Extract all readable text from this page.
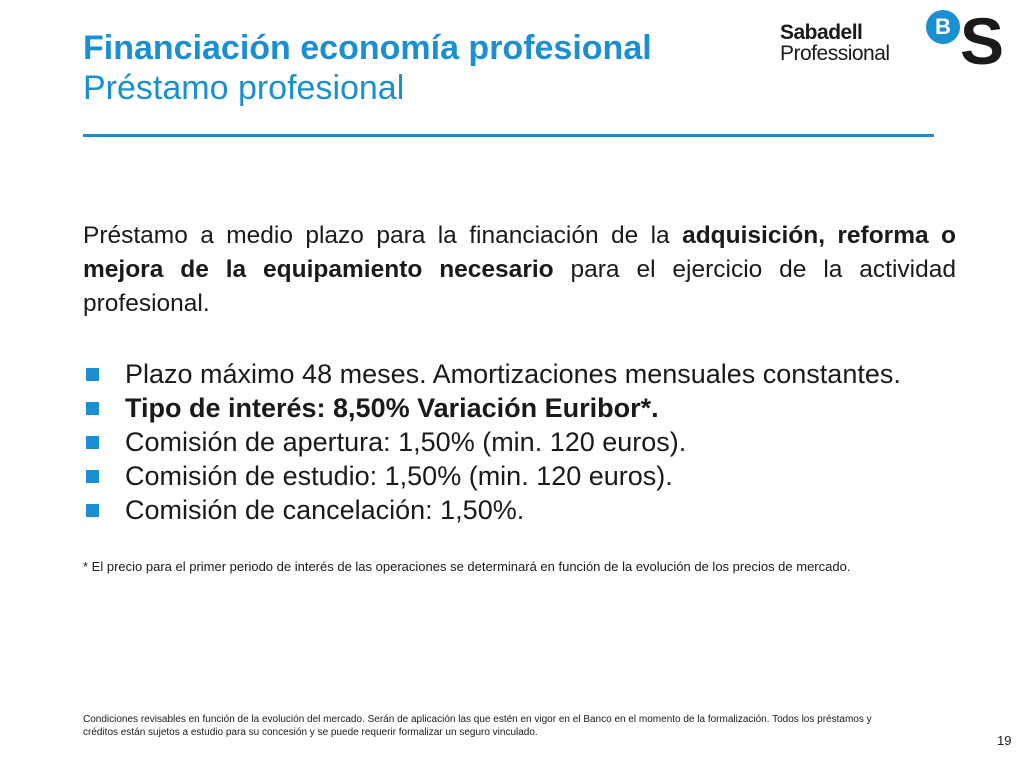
Financiación economía profesional
Préstamo profesional
Sabadell
Professional
B S

Préstamo a medio plazo para la financiación de la adquisición, reforma o mejora de la equipamiento necesario para el ejercicio de la actividad profesional.

Plazo máximo 48 meses. Amortizaciones mensuales constantes.
Tipo de interés: 8,50% Variación Euribor*.
Comisión de apertura: 1,50% (min. 120 euros).
Comisión de estudio: 1,50% (min. 120 euros).
Comisión de cancelación: 1,50%.
* El precio para el primer periodo de interés de las operaciones se determinará en función de la evolución de los precios de mercado.
Condiciones revisables en función de la evolución del mercado. Serán de aplicación las que estén en vigor en el Banco en el momento de la formalización. Todos los préstamos y créditos están sujetos a estudio para su concesión y se puede requerir formalizar un seguro vinculado.
19
